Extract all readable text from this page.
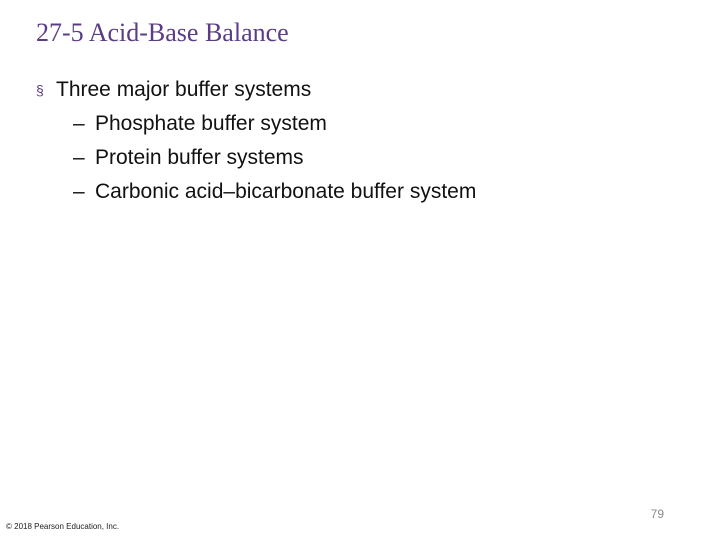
27-5 Acid-Base Balance
§ Three major buffer systems
– Phosphate buffer system
– Protein buffer systems
– Carbonic acid–bicarbonate buffer system
79
© 2018 Pearson Education, Inc.
